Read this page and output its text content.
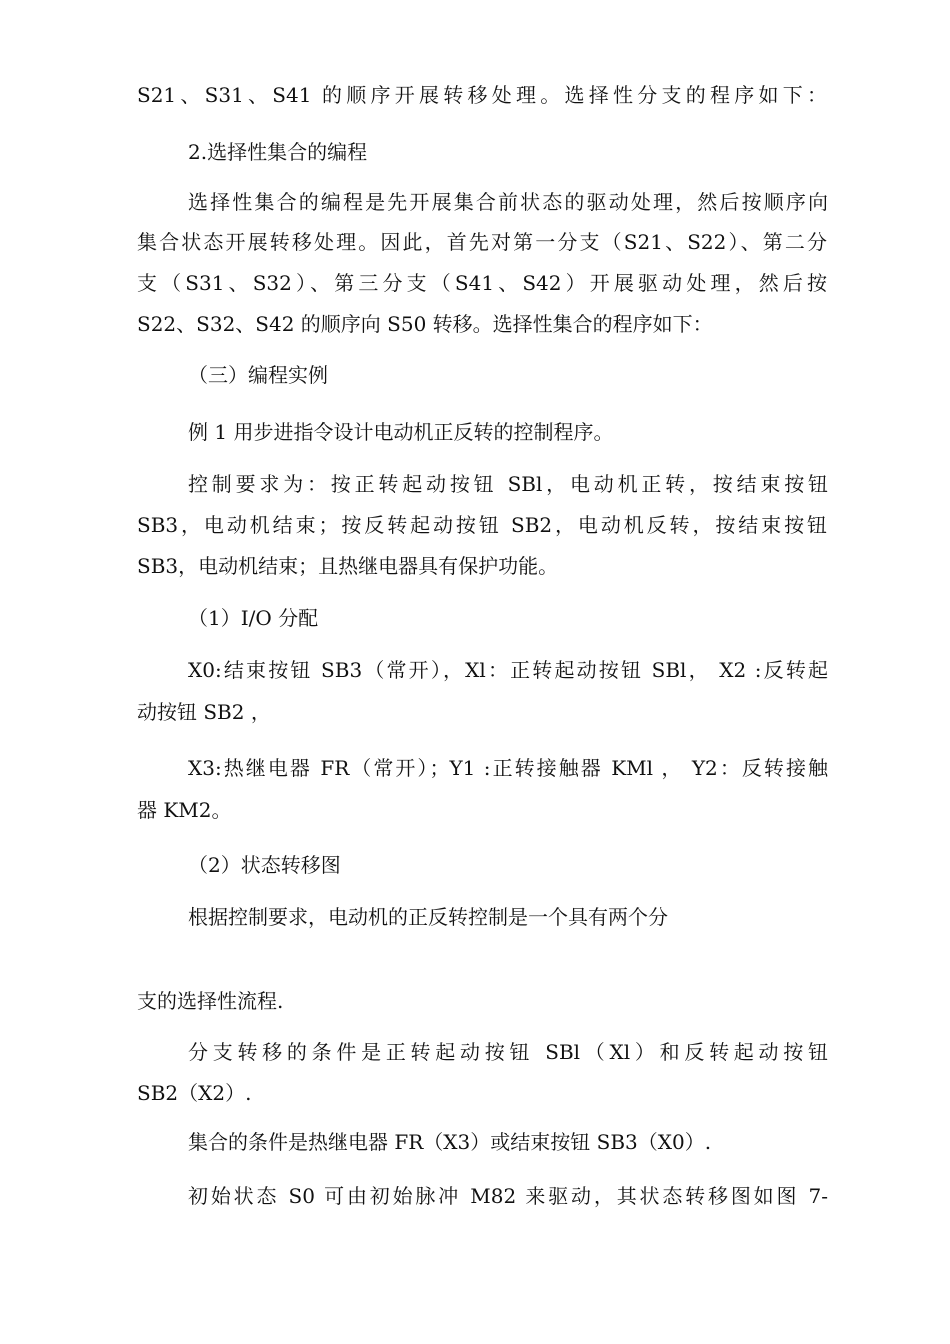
S21、S31、S41 的顺序开展转移处理。选择性分支的程序如下：
2.选择性集合的编程
选择性集合的编程是先开展集合前状态的驱动处理，然后按顺序向
集合状态开展转移处理。因此，首先对第一分支（S21、S22）、第二分
支（S31、S32）、第三分支（S41、S42）开展驱动处理，然后按
S22、S32、S42 的顺序向 S50 转移。选择性集合的程序如下：
（三）编程实例
例 1 用步进指令设计电动机正反转的控制程序。
控制要求为：按正转起动按钮 SBl，电动机正转，按结束按钮
SB3，电动机结束；按反转起动按钮 SB2，电动机反转，按结束按钮
SB3，电动机结束；且热继电器具有保护功能。
（1）I/O 分配
X0:结束按钮 SB3（常开），Xl：正转起动按钮 SBl， X2 :反转起
动按钮 SB2 ，
X3:热继电器 FR（常开）；Y1 :正转接触器 KMl ， Y2：反转接触
器 KM2。
（2）状态转移图
根据控制要求，电动机的正反转控制是一个具有两个分
支的选择性流程.
分支转移的条件是正转起动按钮 SBl（Xl）和反转起动按钮
SB2（X2）.
集合的条件是热继电器 FR（X3）或结束按钮 SB3（X0）.
初始状态 S0 可由初始脉冲 M82 来驱动，其状态转移图如图 7-
